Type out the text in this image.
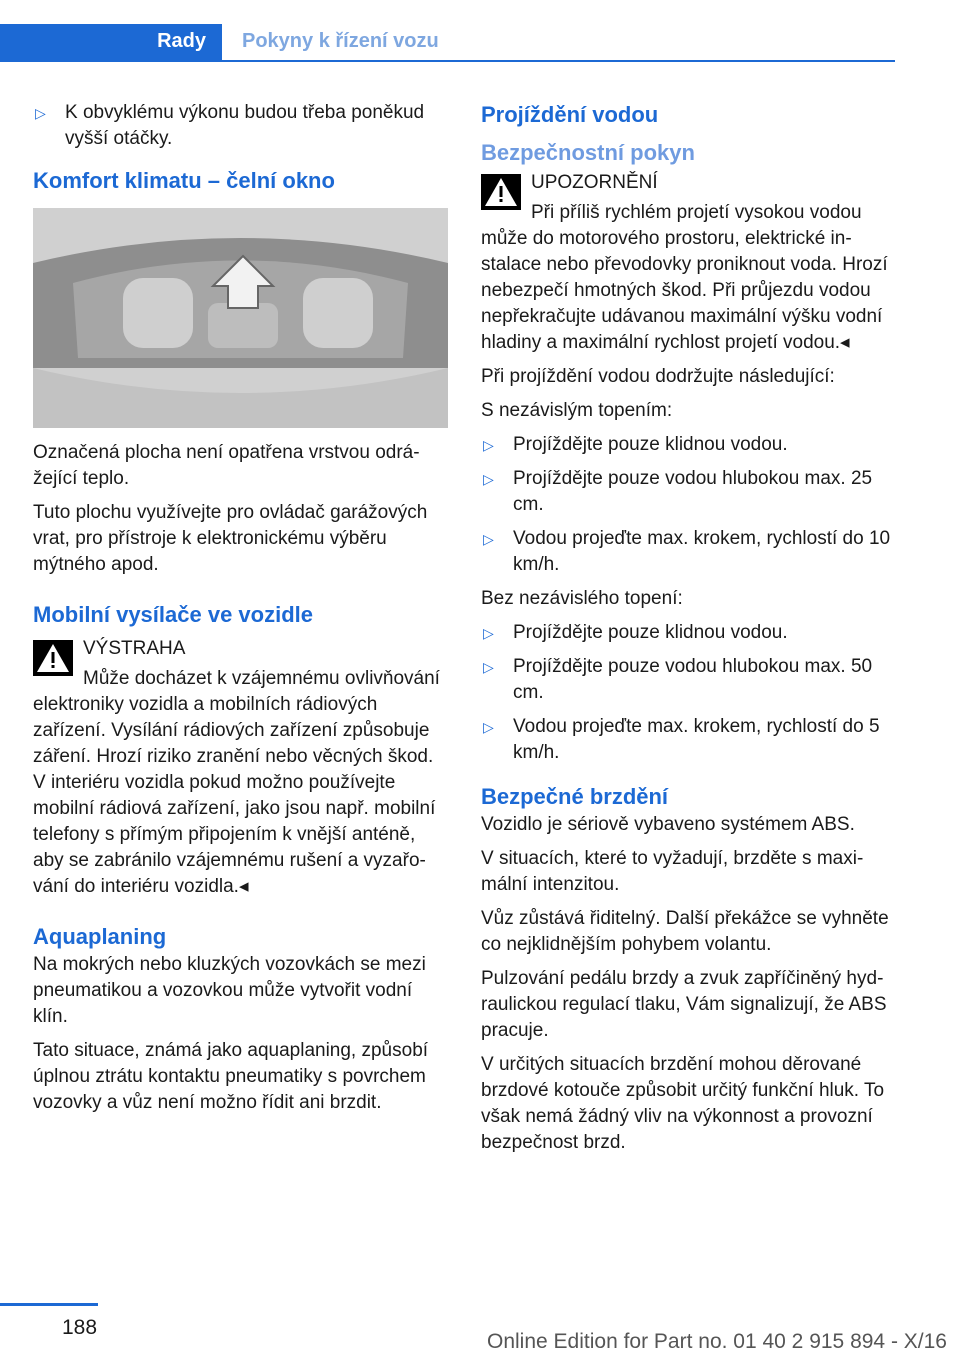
Rady	Pokyny k řízení vozu
▷ K obvyklému výkonu budou třeba poněkud vyšší otáčky.
Komfort klimatu – čelní okno

Označená plocha není opatřena vrstvou odrážející teplo.

Tuto plochu využívejte pro ovládač garážových vrat, pro přístroje k elektronickému výběru mýtného apod.

Mobilní vysílače ve vozidle
VÝSTRAHA

Může docházet k vzájemnému ovlivňování elektroniky vozidla a mobilních rádiových zařízení. Vysílání rádiových zařízení způsobuje záření. Hrozí riziko zranění nebo věcných škod. V interiéru vozidla pokud možno používejte mobilní rádiová zařízení, jako jsou např. mobilní telefony s přímým připojením k vnější anténě, aby se zabránilo vzájemnému rušení a vyzařování do interiéru vozidla.◂

Aquaplaning

Na mokrých nebo kluzkých vozovkách se mezi pneumatikou a vozovkou může vytvořit vodní klín.

Tato situace, známá jako aquaplaning, způsobí úplnou ztrátu kontaktu pneumatiky s povrchem vozovky a vůz není možno řídit ani brzdit.

Projíždění vodou
Bezpečnostní pokyn
UPOZORNĚNÍ

Při příliš rychlém projetí vysokou vodou může do motorového prostoru, elektrické instalace nebo převodovky proniknout voda. Hrozí nebezpečí hmotných škod. Při průjezdu vodou nepřekračujte udávanou maximální výšku vodní hladiny a maximální rychlost projetí vodou.◂

Při projíždění vodou dodržujte následující:

S nezávislým topením:

▷ Projíždějte pouze klidnou vodou.
▷ Projíždějte pouze vodou hlubokou max. 25 cm.
▷ Vodou projeďte max. krokem, rychlostí do 10 km/h.

Bez nezávislého topení:

▷ Projíždějte pouze klidnou vodou.
▷ Projíždějte pouze vodou hlubokou max. 50 cm.
▷ Vodou projeďte max. krokem, rychlostí do 5 km/h.
Bezpečné brzdění

Vozidlo je sériově vybaveno systémem ABS.

V situacích, které to vyžadují, brzděte s maximální intenzitou.

Vůz zůstává řiditelný. Další překážce se vyhněte co nejklidnějším pohybem volantu.

Pulzování pedálu brzdy a zvuk zapříčiněný hydraulickou regulací tlaku, Vám signalizují, že ABS pracuje.

V určitých situacích brzdění mohou děrované brzdové kotouče způsobit určitý funkční hluk. To však nemá žádný vliv na výkonnost a provozní bezpečnost brzd.

188
Online Edition for Part no. 01 40 2 915 894 - X/16
